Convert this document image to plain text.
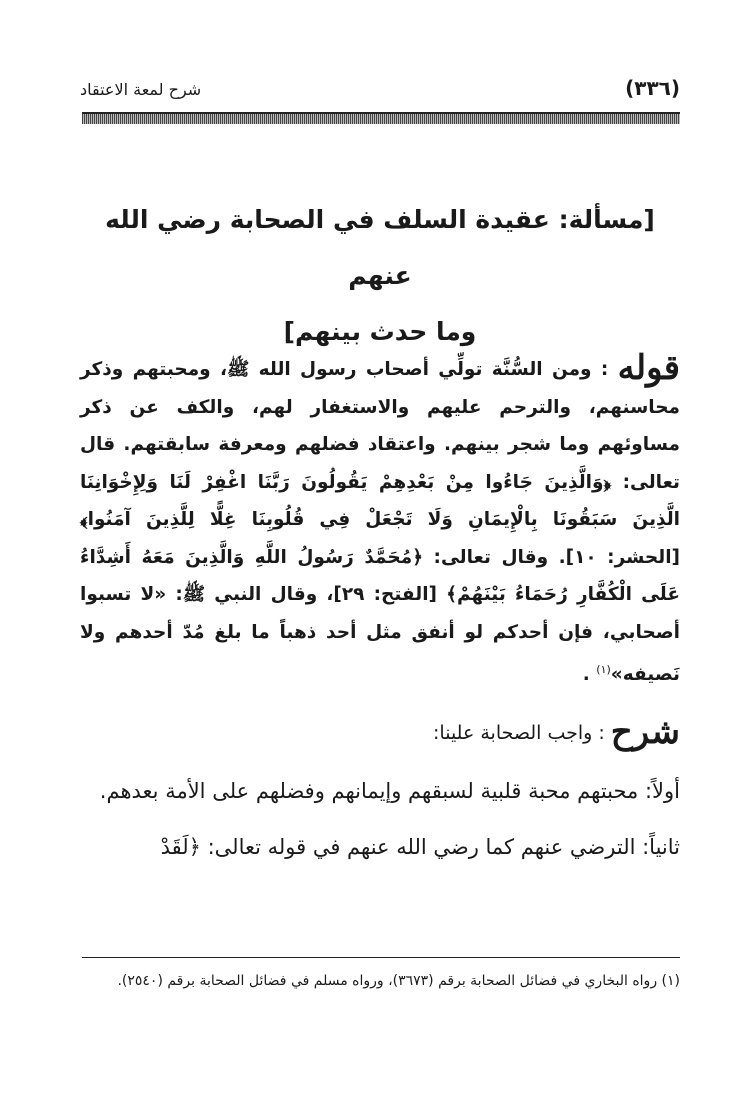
(٣٣٦)
شرح لمعة الاعتقاد
[مسألة: عقيدة السلف في الصحابة رضي الله عنهم
وما حدث بينهم]
قوله : ومن السُّنَّة تولِّي أصحاب رسول الله ﷺ، ومحبتهم وذكر محاسنهم، والترحم عليهم والاستغفار لهم، والكف عن ذكر مساوئهم وما شجر بينهم. واعتقاد فضلهم ومعرفة سابقتهم. قال تعالى: ﴿وَالَّذِينَ جَاءُوا مِنْ بَعْدِهِمْ يَقُولُونَ رَبَّنَا اغْفِرْ لَنَا وَلِإِخْوَانِنَا الَّذِينَ سَبَقُونَا بِالْإِيمَانِ وَلَا تَجْعَلْ فِي قُلُوبِنَا غِلًّا لِلَّذِينَ آمَنُوا﴾ [الحشر: ١٠]. وقال تعالى: ﴿مُحَمَّدٌ رَسُولُ اللَّهِ وَالَّذِينَ مَعَهُ أَشِدَّاءُ عَلَى الْكُفَّارِ رُحَمَاءُ بَيْنَهُمْ﴾ [الفتح: ٢٩]، وقال النبي ﷺ: «لا تسبوا أصحابي، فإن أحدكم لو أنفق مثل أحد ذهباً ما بلغ مُدّ أحدهم ولا نَصيفه»$^{(١)}$ .
شرح : واجب الصحابة علينا:

أولاً: محبتهم محبة قلبية لسبقهم وإيمانهم وفضلهم على الأمة بعدهم.

ثانياً: الترضي عنهم كما رضي الله عنهم في قوله تعالى: ﴿لَقَدْ

(١) رواه البخاري في فضائل الصحابة برقم (٣٦٧٣)، ورواه مسلم في فضائل الصحابة برقم (٢٥٤٠).
